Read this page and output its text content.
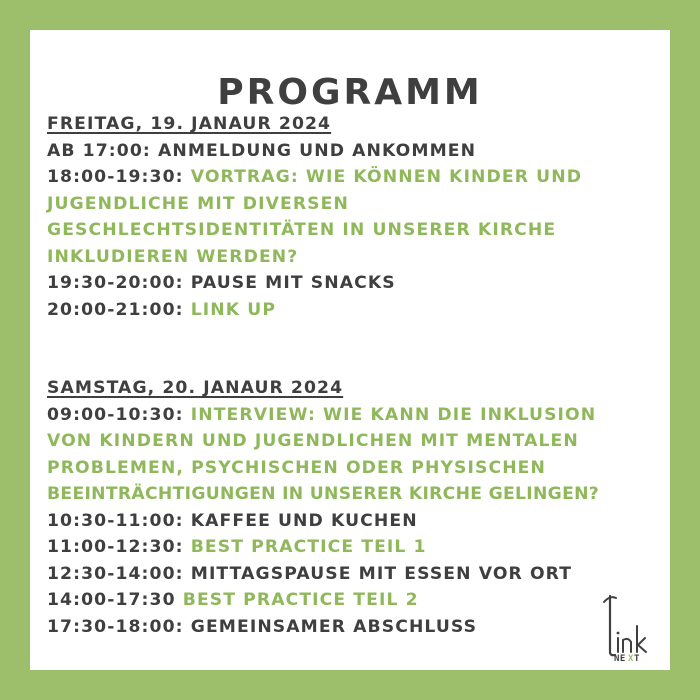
PROGRAMM
FREITAG, 19. JANAUR 2024
AB 17:00: ANMELDUNG UND ANKOMMEN
18:00-19:30: VORTRAG: WIE KÖNNEN KINDER UND
JUGENDLICHE MIT DIVERSEN
GESCHLECHTSIDENTITÄTEN IN UNSERER KIRCHE
INKLUDIEREN WERDEN?
19:30-20:00: PAUSE MIT SNACKS
20:00-21:00: LINK UP
SAMSTAG, 20. JANAUR 2024
09:00-10:30: INTERVIEW: WIE KANN DIE INKLUSION
VON KINDERN UND JUGENDLICHEN MIT MENTALEN
PROBLEMEN, PSYCHISCHEN ODER PHYSISCHEN
BEEINTRÄCHTIGUNGEN IN UNSERER KIRCHE GELINGEN?
10:30-11:00: KAFFEE UND KUCHEN
11:00-12:30: BEST PRACTICE TEIL 1
12:30-14:00: MITTAGSPAUSE MIT ESSEN VOR ORT
14:00-17:30 BEST PRACTICE TEIL 2
17:30-18:00: GEMEINSAMER ABSCHLUSS
NE X T
